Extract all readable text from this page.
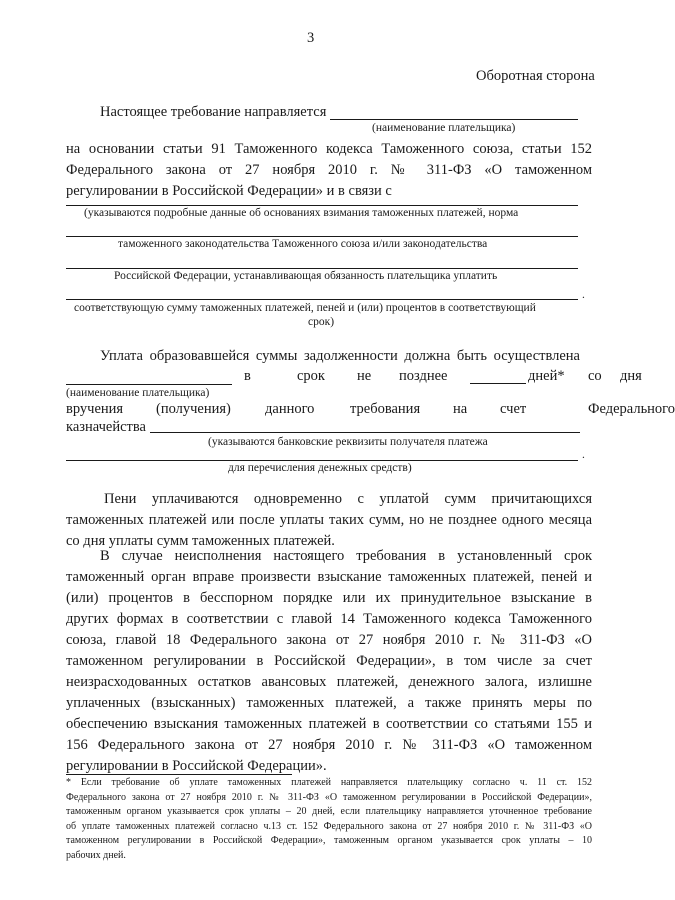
3
Оборотная сторона
Настоящее требование направляется
(наименование плательщика)
на основании статьи 91 Таможенного кодекса Таможенного союза, статьи 152
Федерального закона от 27 ноября 2010 г. № 311-ФЗ «О таможенном
регулировании в Российской Федерации» и в связи с
(указываются подробные данные об основаниях взимания таможенных платежей, норма
таможенного законодательства Таможенного союза и/или законодательства
Российской Федерации, устанавливающая обязанность плательщика уплатить
.
соответствующую сумму таможенных платежей, пеней и (или) процентов в соответствующий
срок)
Уплата образовавшейся суммы задолженности должна быть осуществлена
в	срок не позднее	дней* со дня
(наименование плательщика)
вручения (получения) данного требования на счет	Федерального
казначейства
(указываются банковские реквизиты получателя платежа
.
для перечисления денежных средств)
Пени уплачиваются одновременно с уплатой сумм причитающихся
таможенных платежей или после уплаты таких сумм, но не позднее одного месяца
со дня уплаты сумм таможенных платежей.
В случае неисполнения настоящего требования в установленный срок
таможенный орган вправе произвести взыскание таможенных платежей, пеней и
(или) процентов в бесспорном порядке или их принудительное взыскание в
других формах в соответствии с главой 14 Таможенного кодекса Таможенного
союза, главой 18 Федерального закона от 27 ноября 2010 г. № 311-ФЗ «О
таможенном регулировании в Российской Федерации», в том числе за счет
неизрасходованных остатков авансовых платежей, денежного залога, излишне
уплаченных (взысканных) таможенных платежей, а также принять меры по
обеспечению взыскания таможенных платежей в соответствии со статьями 155 и
156 Федерального закона от 27 ноября 2010 г. № 311-ФЗ «О таможенном
регулировании в Российской Федерации».
* Если требование об уплате таможенных платежей направляется плательщику согласно ч. 11 ст. 152
Федерального закона от 27 ноября 2010 г. № 311-ФЗ «О таможенном регулировании в Российской Федерации»,
таможенным органом указывается срок уплаты – 20 дней, если плательщику направляется уточненное требование
об уплате таможенных платежей согласно ч.13 ст. 152 Федерального закона от 27 ноября 2010 г. № 311-ФЗ «О
таможенном регулировании в Российской Федерации», таможенным органом указывается срок уплаты – 10
рабочих дней.
